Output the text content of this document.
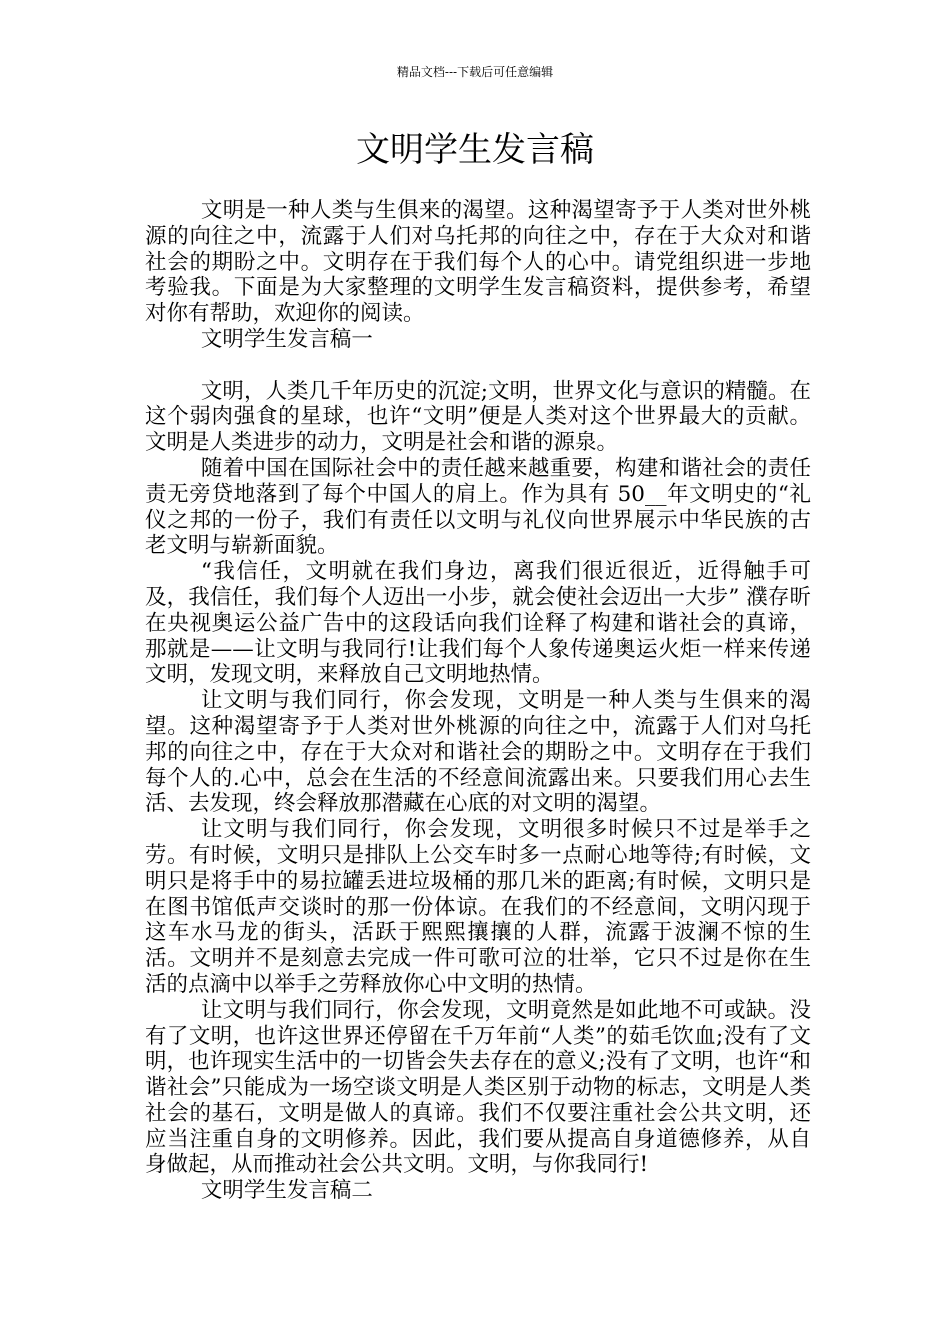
精品文档---下载后可任意编辑
文明学生发言稿

文明是一种人类与生俱来的渴望。这种渴望寄予于人类对世外桃源的向往之中，流露于人们对乌托邦的向往之中，存在于大众对和谐社会的期盼之中。文明存在于我们每个人的心中。请党组织进一步地考验我。下面是为大家整理的文明学生发言稿资料，提供参考，希望对你有帮助，欢迎你的阅读。

文明学生发言稿一

文明，人类几千年历史的沉淀;文明，世界文化与意识的精髓。在这个弱肉强食的星球，也许“文明”便是人类对这个世界最大的贡献。文明是人类进步的动力，文明是社会和谐的源泉。

随着中国在国际社会中的责任越来越重要，构建和谐社会的责任责无旁贷地落到了每个中国人的肩上。作为具有 50__年文明史的“礼仪之邦的一份子，我们有责任以文明与礼仪向世界展示中华民族的古老文明与崭新面貌。

“我信任，文明就在我们身边，离我们很近很近，近得触手可及，我信任，我们每个人迈出一小步，就会使社会迈出一大步” 濮存昕在央视奥运公益广告中的这段话向我们诠释了构建和谐社会的真谛，那就是——让文明与我同行!让我们每个人象传递奥运火炬一样来传递文明，发现文明，来释放自己文明地热情。

让文明与我们同行，你会发现，文明是一种人类与生俱来的渴望。这种渴望寄予于人类对世外桃源的向往之中，流露于人们对乌托邦的向往之中，存在于大众对和谐社会的期盼之中。文明存在于我们每个人的.心中，总会在生活的不经意间流露出来。只要我们用心去生活、去发现，终会释放那潜藏在心底的对文明的渴望。

让文明与我们同行，你会发现，文明很多时候只不过是举手之劳。有时候，文明只是排队上公交车时多一点耐心地等待;有时候，文明只是将手中的易拉罐丢进垃圾桶的那几米的距离;有时候，文明只是在图书馆低声交谈时的那一份体谅。在我们的不经意间，文明闪现于这车水马龙的街头，活跃于熙熙攘攘的人群，流露于波澜不惊的生活。文明并不是刻意去完成一件可歌可泣的壮举，它只不过是你在生活的点滴中以举手之劳释放你心中文明的热情。

让文明与我们同行，你会发现，文明竟然是如此地不可或缺。没有了文明，也许这世界还停留在千万年前“人类”的茹毛饮血;没有了文明，也许现实生活中的一切皆会失去存在的意义;没有了文明，也许“和谐社会”只能成为一场空谈文明是人类区别于动物的标志，文明是人类社会的基石，文明是做人的真谛。我们不仅要注重社会公共文明，还应当注重自身的文明修养。因此，我们要从提高自身道德修养，从自身做起，从而推动社会公共文明。文明，与你我同行!

文明学生发言稿二
